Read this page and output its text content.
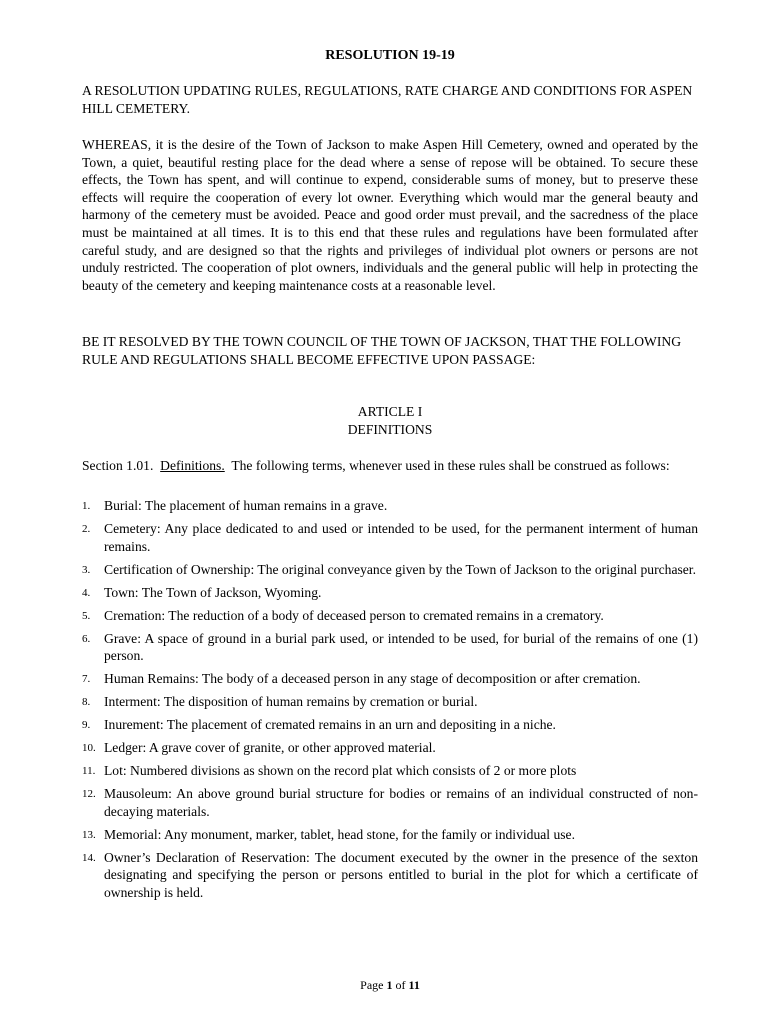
RESOLUTION 19-19
A RESOLUTION UPDATING RULES, REGULATIONS, RATE CHARGE AND CONDITIONS FOR ASPEN HILL CEMETERY.
WHEREAS, it is the desire of the Town of Jackson to make Aspen Hill Cemetery, owned and operated by the Town, a quiet, beautiful resting place for the dead where a sense of repose will be obtained. To secure these effects, the Town has spent, and will continue to expend, considerable sums of money, but to preserve these effects will require the cooperation of every lot owner. Everything which would mar the general beauty and harmony of the cemetery must be avoided. Peace and good order must prevail, and the sacredness of the place must be maintained at all times. It is to this end that these rules and regulations have been formulated after careful study, and are designed so that the rights and privileges of individual plot owners or persons are not unduly restricted. The cooperation of plot owners, individuals and the general public will help in protecting the beauty of the cemetery and keeping maintenance costs at a reasonable level.
BE IT RESOLVED BY THE TOWN COUNCIL OF THE TOWN OF JACKSON, THAT THE FOLLOWING RULE AND REGULATIONS SHALL BECOME EFFECTIVE UPON PASSAGE:
ARTICLE I
DEFINITIONS
Section 1.01. Definitions. The following terms, whenever used in these rules shall be construed as follows:
1. Burial: The placement of human remains in a grave.
2. Cemetery: Any place dedicated to and used or intended to be used, for the permanent interment of human remains.
3. Certification of Ownership: The original conveyance given by the Town of Jackson to the original purchaser.
4. Town: The Town of Jackson, Wyoming.
5. Cremation: The reduction of a body of deceased person to cremated remains in a crematory.
6. Grave: A space of ground in a burial park used, or intended to be used, for burial of the remains of one (1) person.
7. Human Remains: The body of a deceased person in any stage of decomposition or after cremation.
8. Interment: The disposition of human remains by cremation or burial.
9. Inurement: The placement of cremated remains in an urn and depositing in a niche.
10. Ledger: A grave cover of granite, or other approved material.
11. Lot: Numbered divisions as shown on the record plat which consists of 2 or more plots
12. Mausoleum: An above ground burial structure for bodies or remains of an individual constructed of non-decaying materials.
13. Memorial: Any monument, marker, tablet, head stone, for the family or individual use.
14. Owner’s Declaration of Reservation: The document executed by the owner in the presence of the sexton designating and specifying the person or persons entitled to burial in the plot for which a certificate of ownership is held.
Page 1 of 11
